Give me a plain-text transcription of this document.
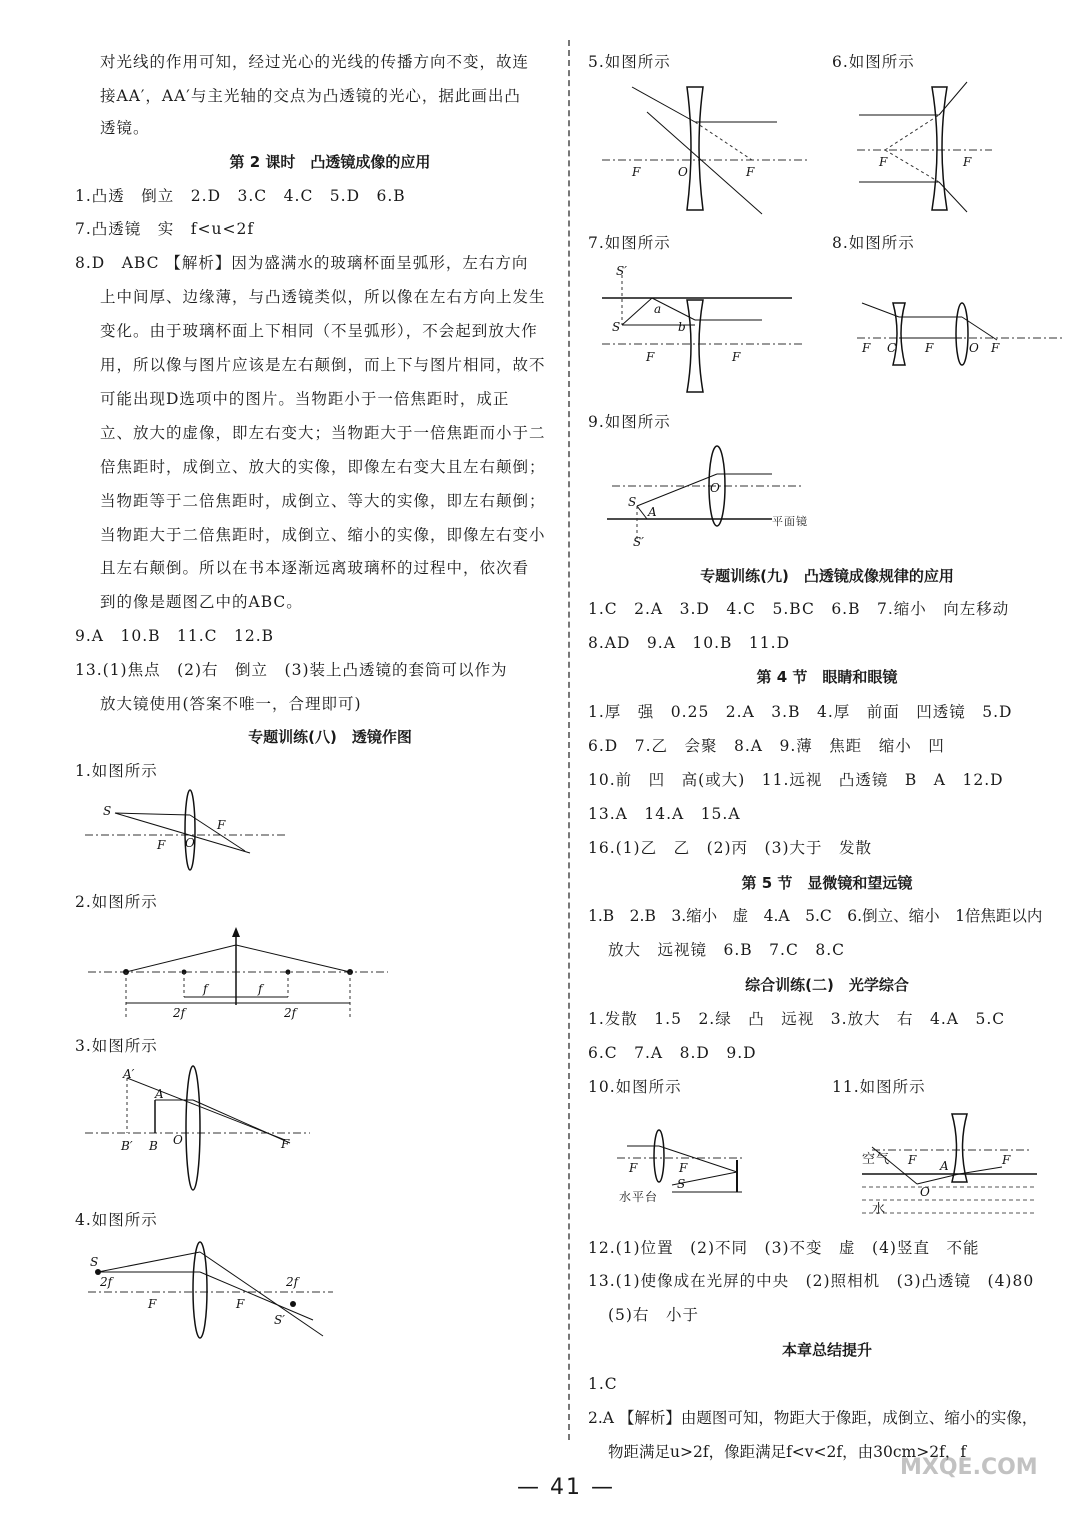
对光线的作用可知，经过光心的光线的传播方向不变，故连
接AA′，AA′与主光轴的交点为凸透镜的光心，据此画出凸
透镜。
第 2 课时　凸透镜成像的应用
1.凸透　倒立　2.D　3.C　4.C　5.D　6.B
7.凸透镜　实　f<u<2f
8.D　ABC 【解析】因为盛满水的玻璃杯面呈弧形，左右方向
上中间厚、边缘薄，与凸透镜类似，所以像在左右方向上发生
变化。由于玻璃杯面上下相同（不呈弧形），不会起到放大作
用，所以像与图片应该是左右颠倒，而上下与图片相同，故不
可能出现D选项中的图片。当物距小于一倍焦距时，成正
立、放大的虚像，即左右变大；当物距大于一倍焦距而小于二
倍焦距时，成倒立、放大的实像，即像左右变大且左右颠倒；
当物距等于二倍焦距时，成倒立、等大的实像，即左右颠倒；
当物距大于二倍焦距时，成倒立、缩小的实像，即像左右变小
且左右颠倒。所以在书本逐渐远离玻璃杯的过程中，依次看
到的像是题图乙中的ABC。
9.A　10.B　11.C　12.B
13.(1)焦点　(2)右　倒立　(3)装上凸透镜的套筒可以作为
放大镜使用(答案不唯一，合理即可)
专题训练(八)　透镜作图
1.如图所示
S
F
F
O
2.如图所示
f	f
2f	2f
3.如图所示
A′
A
B′ B O	F
4.如图所示
S
2f
F	F
2f
S′
5.如图所示	6.如图所示
F	O	F
F	F
7.如图所示	8.如图所示
S′
S
a
b
F	F
F C F	O F
9.如图所示
S
A
S′
O
平面镜
专题训练(九)　凸透镜成像规律的应用
1.C　2.A　3.D　4.C　5.BC　6.B　7.缩小　向左移动
8.AD　9.A　10.B　11.D
第 4 节　眼睛和眼镜
1.厚　强　0.25　2.A　3.B　4.厚　前面　凹透镜　5.D
6.D　7.乙　会聚　8.A　9.薄　焦距　缩小　凹
10.前　凹　高(或大)　11.远视　凸透镜　B　A　12.D
13.A　14.A　15.A
16.(1)乙　乙　(2)丙　(3)大于　发散
第 5 节　显微镜和望远镜
1.B　2.B　3.缩小　虚　4.A　5.C　6.倒立、缩小　1倍焦距以内
放大　远视镜　6.B　7.C　8.C
综合训练(二)　光学综合
1.发散　1.5　2.绿　凸　远视　3.放大　右　4.A　5.C
6.C　7.A　8.D　9.D
10.如图所示	11.如图所示
F	F
S
水平台
F A	F
O
空气
水
12.(1)位置　(2)不同　(3)不变　虚　(4)竖直　不能
13.(1)使像成在光屏的中央　(2)照相机　(3)凸透镜　(4)80
(5)右　小于
本章总结提升
1.C
2.A 【解析】由题图可知，物距大于像距，成倒立、缩小的实像，
物距满足u>2f，像距满足f<v<2f，由30cm>2f，f
— 41 —
MXQE.COM
